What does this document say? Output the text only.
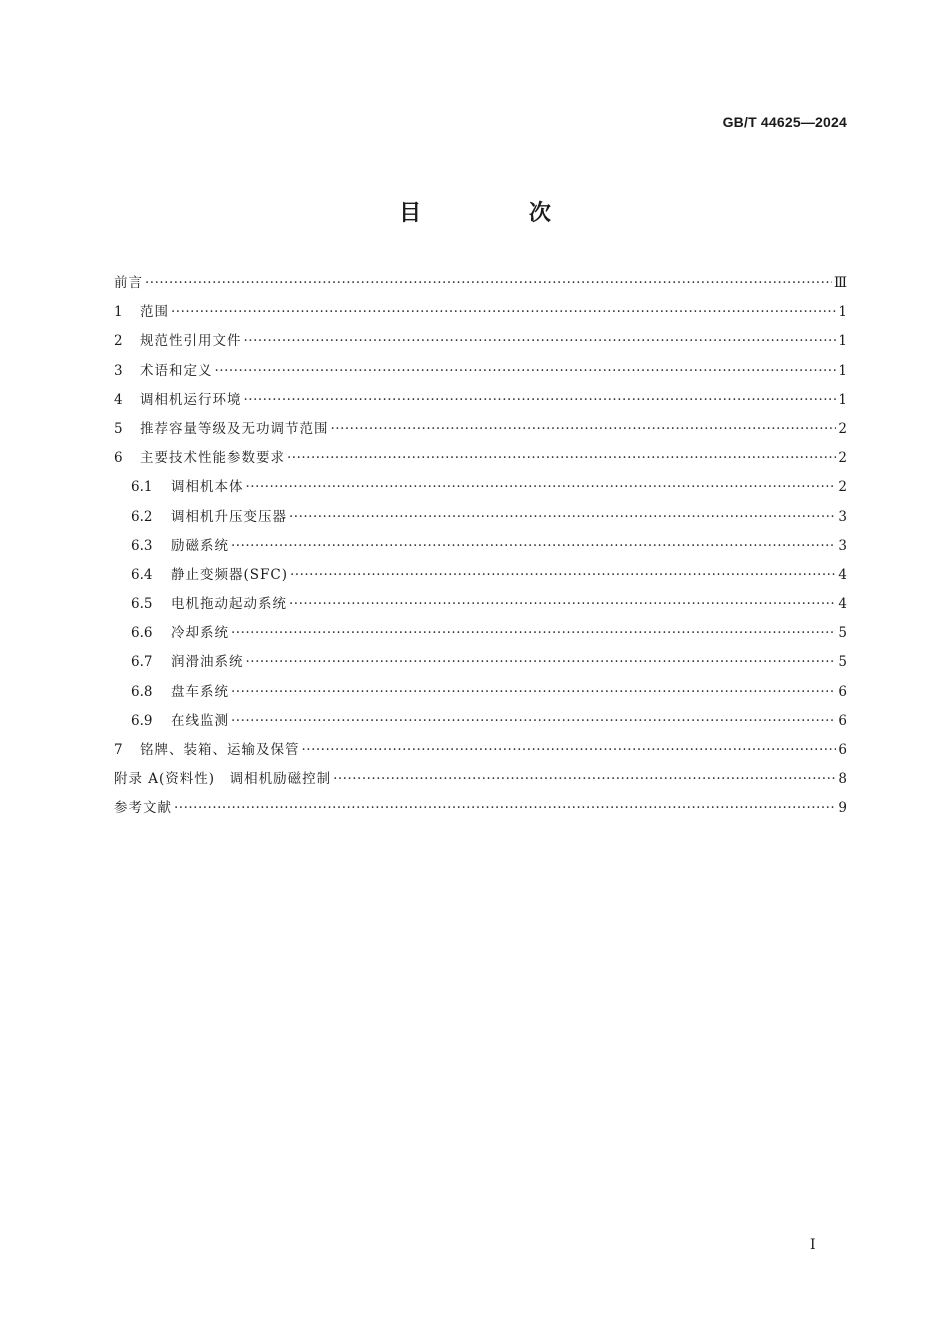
GB/T 44625—2024
目 次
前言 ·····	Ⅲ
1	范围 ·····	1
2	规范性引用文件 ·····	1
3	术语和定义 ·····	1
4	调相机运行环境 ·····	1
5	推荐容量等级及无功调节范围 ·····	2
6	主要技术性能参数要求 ·····	2
6.1	调相机本体 ·····	2
6.2	调相机升压变压器 ·····	3
6.3	励磁系统 ·····	3
6.4	静止变频器(SFC) ·····	4
6.5	电机拖动起动系统 ·····	4
6.6	冷却系统 ·····	5
6.7	润滑油系统 ·····	5
6.8	盘车系统 ·····	6
6.9	在线监测 ·····	6
7	铭牌、装箱、运输及保管 ·····	6
附录 A(资料性)　调相机励磁控制 ·····	8
参考文献 ·····	9
I
